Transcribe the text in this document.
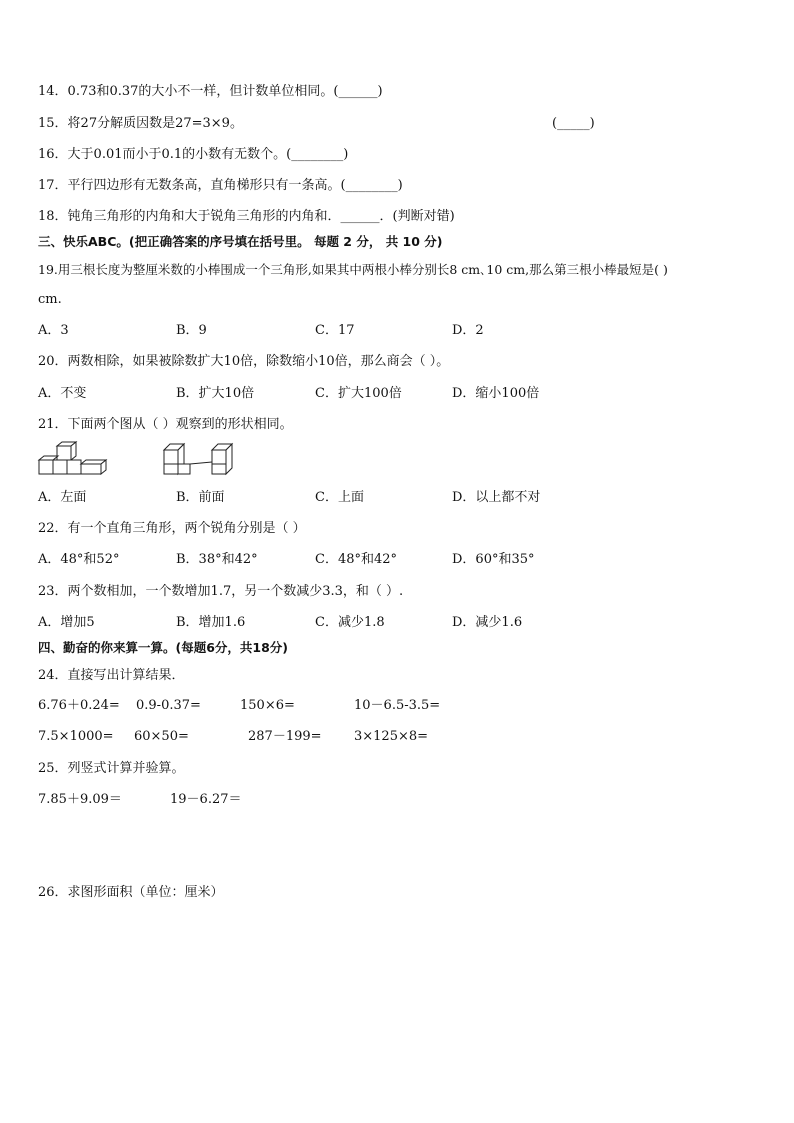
14．0.73和0.37的大小不一样，但计数单位相同。(______)
15．将27分解质因数是27=3×9。	(_____)
16．大于0.01而小于0.1的小数有无数个。(________)
17．平行四边形有无数条高，直角梯形只有一条高。(________)
18．钝角三角形的内角和大于锐角三角形的内角和．______．(判断对错)
三、快乐ABC。(把正确答案的序号填在括号里。 每题 2 分， 共 10 分)
19.用三根长度为整厘米数的小棒围成一个三角形,如果其中两根小棒分别长8 cm､10 cm,那么第三根小棒最短是( )
cm.
A．3	B．9	C．17	D．2
20．两数相除，如果被除数扩大10倍，除数缩小10倍，那么商会（ ）。
A．不变	B．扩大10倍	C．扩大100倍	D．缩小100倍
21．下面两个图从（ ）观察到的形状相同。
A．左面	B．前面	C．上面	D．以上都不对
22．有一个直角三角形，两个锐角分别是（ ）
A．48°和52°	B．38°和42°	C．48°和42°	D．60°和35°
23．两个数相加，一个数增加1.7，另一个数减少3.3，和（ ）.
A．增加5	B．增加1.6	C．减少1.8	D．减少1.6
四、勤奋的你来算一算。(每题6分，共18分)
24．直接写出计算结果．
6.76＋0.24= 0.9-0.37=	150×6=	10－6.5-3.5=
7.5×1000= 60×50=	287－199= 3×125×8=
25．列竖式计算并验算。
7.85＋9.09＝	19－6.27＝
26．求图形面积（单位：厘米）
